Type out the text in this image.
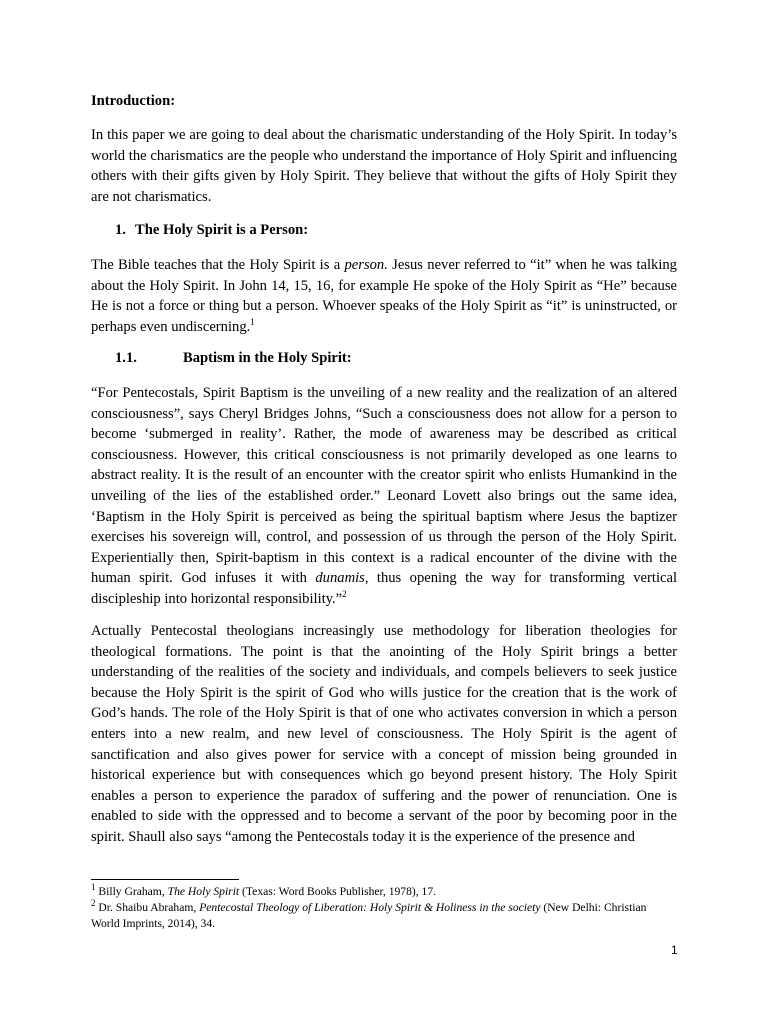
Introduction:

In this paper we are going to deal about the charismatic understanding of the Holy Spirit. In today’s world the charismatics are the people who understand the importance of Holy Spirit and influencing others with their gifts given by Holy Spirit. They believe that without the gifts of Holy Spirit they are not charismatics.

1. The Holy Spirit is a Person:

The Bible teaches that the Holy Spirit is a person. Jesus never referred to “it” when he was talking about the Holy Spirit. In John 14, 15, 16, for example He spoke of the Holy Spirit as “He” because He is not a force or thing but a person. Whoever speaks of the Holy Spirit as “it” is uninstructed, or perhaps even undiscerning.$^1$

1.1.	Baptism in the Holy Spirit:

“For Pentecostals, Spirit Baptism is the unveiling of a new reality and the realization of an altered consciousness”, says Cheryl Bridges Johns, “Such a consciousness does not allow for a person to become ‘submerged in reality’. Rather, the mode of awareness may be described as critical consciousness. However, this critical consciousness is not primarily developed as one learns to abstract reality. It is the result of an encounter with the creator spirit who enlists Humankind in the unveiling of the lies of the established order.” Leonard Lovett also brings out the same idea, ‘Baptism in the Holy Spirit is perceived as being the spiritual baptism where Jesus the baptizer exercises his sovereign will, control, and possession of us through the person of the Holy Spirit. Experientially then, Spirit-baptism in this context is a radical encounter of the divine with the human spirit. God infuses it with dunamis, thus opening the way for transforming vertical discipleship into horizontal responsibility.”$^2$

Actually Pentecostal theologians increasingly use methodology for liberation theologies for theological formations. The point is that the anointing of the Holy Spirit brings a better understanding of the realities of the society and individuals, and compels believers to seek justice because the Holy Spirit is the spirit of God who wills justice for the creation that is the work of God’s hands. The role of the Holy Spirit is that of one who activates conversion in which a person enters into a new realm, and new level of consciousness. The Holy Spirit is the agent of sanctification and also gives power for service with a concept of mission being grounded in historical experience but with consequences which go beyond present history. The Holy Spirit enables a person to experience the paradox of suffering and the power of renunciation. One is enabled to side with the oppressed and to become a servant of the poor by becoming poor in the spirit. Shaull also says “among the Pentecostals today it is the experience of the presence and

$^1$ Billy Graham, The Holy Spirit (Texas: Word Books Publisher, 1978), 17.

$^2$ Dr. Shaibu Abraham, Pentecostal Theology of Liberation: Holy Spirit & Holiness in the society (New Delhi: Christian World Imprints, 2014), 34.

1
